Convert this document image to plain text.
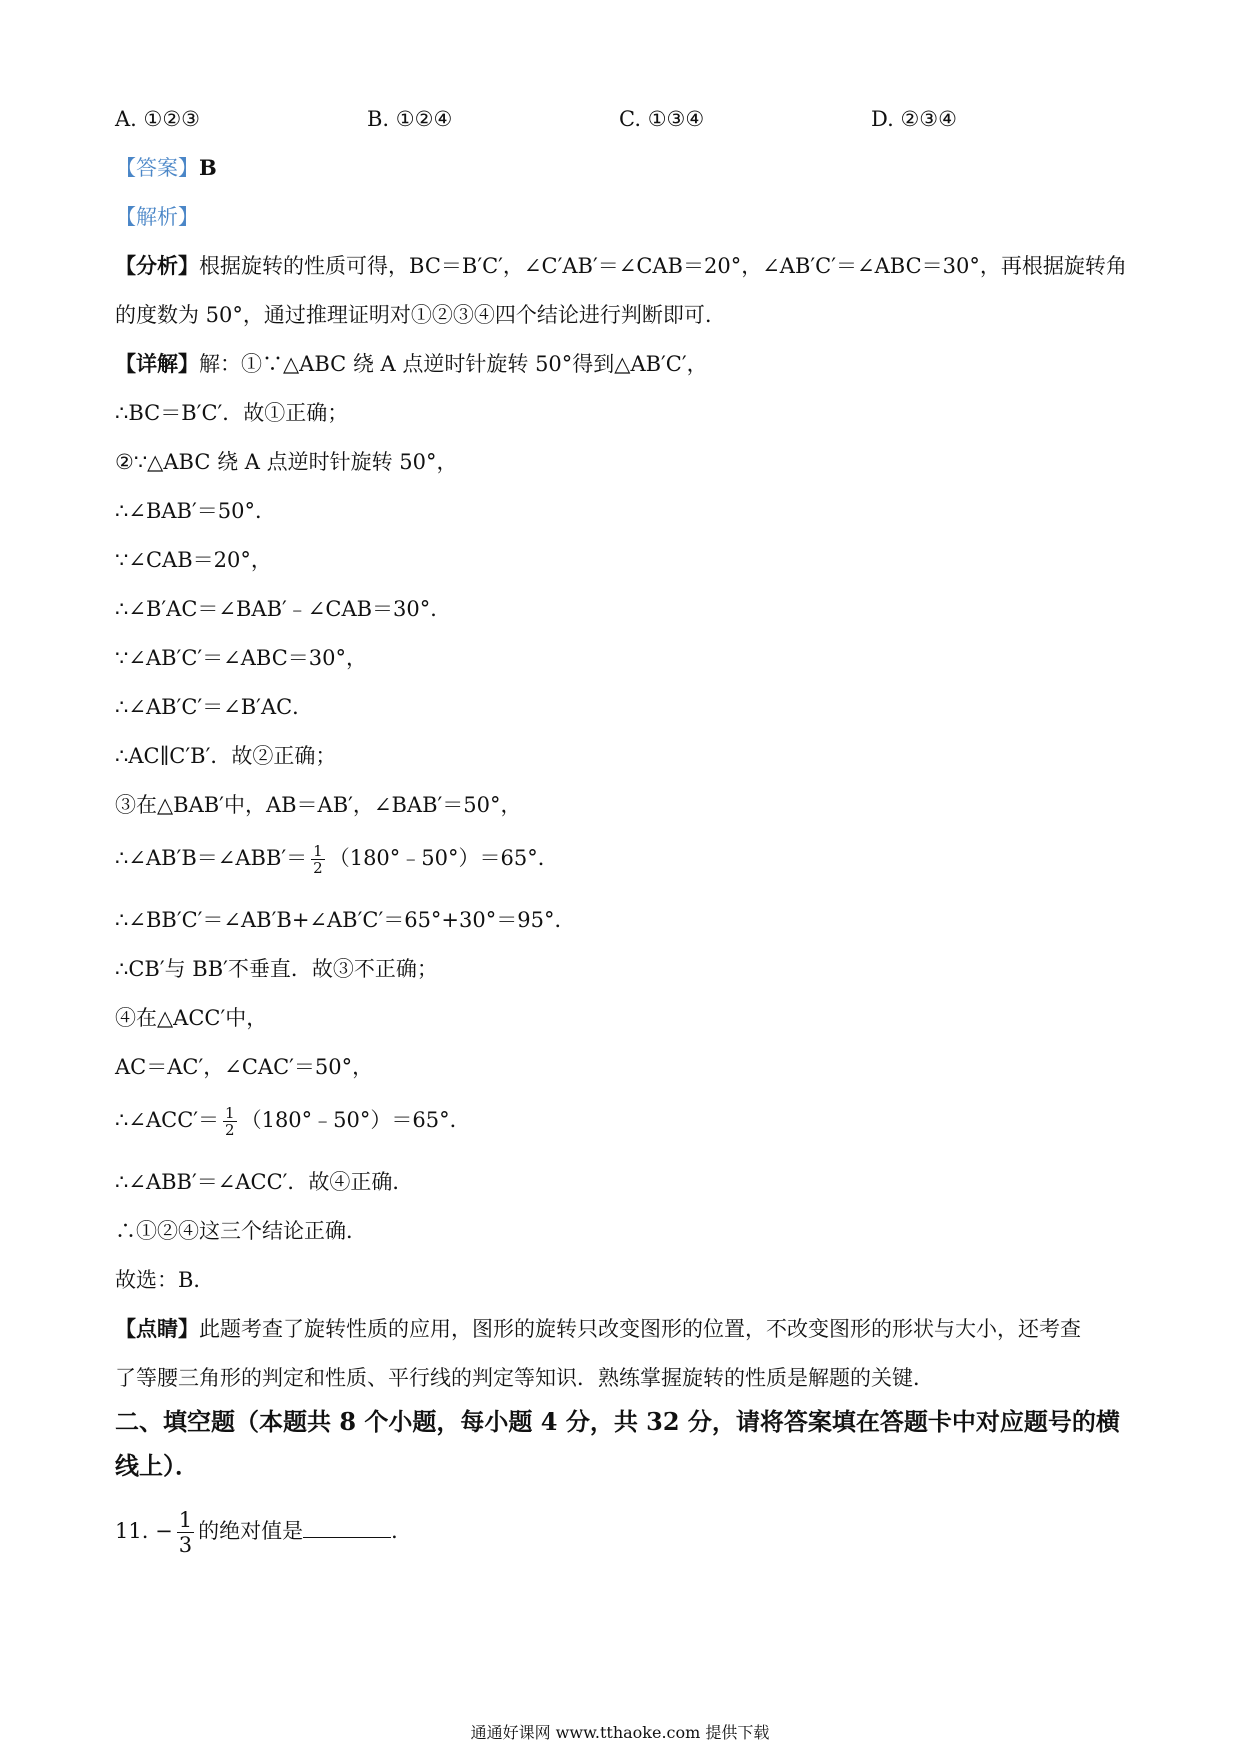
A. ①②③	B. ①②④	C. ①③④	D. ②③④
【答案】B
【解析】
【分析】根据旋转的性质可得，BC＝B′C′，∠C′AB′＝∠CAB＝20°，∠AB′C′＝∠ABC＝30°，再根据旋转角
的度数为 50°，通过推理证明对①②③④四个结论进行判断即可.
【详解】解：①∵△ABC 绕 A 点逆时针旋转 50°得到△AB′C′，
∴BC＝B′C′．故①正确；
②∵△ABC 绕 A 点逆时针旋转 50°，
∴∠BAB′＝50°．
∵∠CAB＝20°，
∴∠B′AC＝∠BAB′﹣∠CAB＝30°．
∵∠AB′C′＝∠ABC＝30°，
∴∠AB′C′＝∠B′AC．
∴AC∥C′B′．故②正确；
③在△BAB′中，AB＝AB′，∠BAB′＝50°，
∴∠AB′B＝∠ABB′＝ $\frac{1}{2}$ （180°﹣50°）＝65°．
∴∠BB′C′＝∠AB′B+∠AB′C′＝65°+30°＝95°．
∴CB′与 BB′不垂直．故③不正确；
④在△ACC′中，
AC＝AC′，∠CAC′＝50°，
∴∠ACC′＝ $\frac{1}{2}$ （180°﹣50°）＝65°．
∴∠ABB′＝∠ACC′．故④正确．
∴①②④这三个结论正确．
故选：B．
【点睛】此题考查了旋转性质的应用，图形的旋转只改变图形的位置，不改变图形的形状与大小，还考查
了等腰三角形的判定和性质、平行线的判定等知识．熟练掌握旋转的性质是解题的关键．
二、填空题（本题共 8 个小题，每小题 4 分，共 32 分，请将答案填在答题卡中对应题号的横线上）．
11. − $\frac{1}{3}$ 的绝对值是	．
通通好课网 www.tthaoke.com 提供下载
